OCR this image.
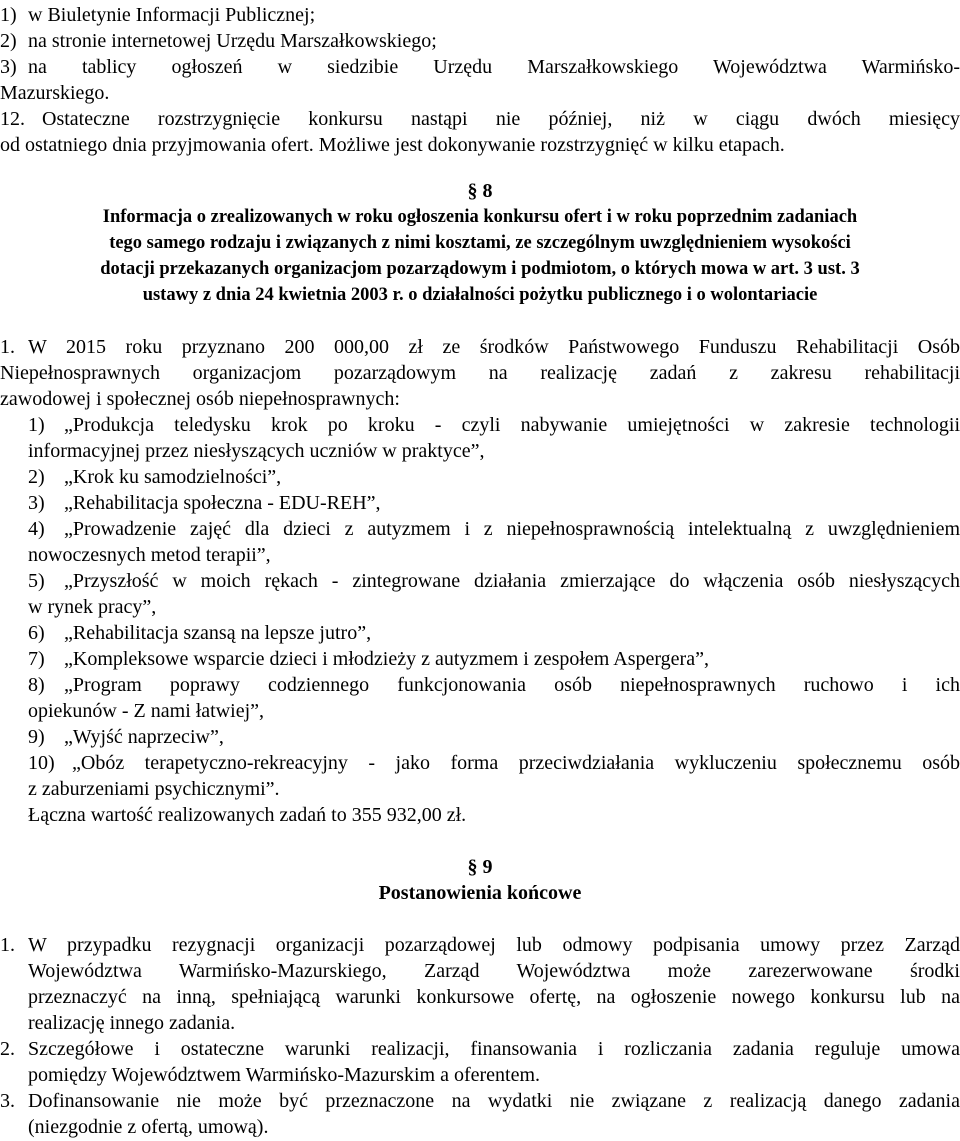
1) w Biuletynie Informacji Publicznej;
2) na stronie internetowej Urzędu Marszałkowskiego;
3) na tablicy ogłoszeń w siedzibie Urzędu Marszałkowskiego Województwa Warmińsko-
Mazurskiego.
12. Ostateczne rozstrzygnięcie konkursu nastąpi nie później, niż w ciągu dwóch miesięcy
od ostatniego dnia przyjmowania ofert. Możliwe jest dokonywanie rozstrzygnięć w kilku etapach.
§ 8
Informacja o zrealizowanych w roku ogłoszenia konkursu ofert i w roku poprzednim zadaniach
tego samego rodzaju i związanych z nimi kosztami, ze szczególnym uwzględnieniem wysokości
dotacji przekazanych organizacjom pozarządowym i podmiotom, o których mowa w art. 3 ust. 3
ustawy z dnia 24 kwietnia 2003 r. o działalności pożytku publicznego i o wolontariacie
1. W 2015 roku przyznano 200 000,00 zł ze środków Państwowego Funduszu Rehabilitacji Osób
Niepełnosprawnych organizacjom pozarządowym na realizację zadań z zakresu rehabilitacji
zawodowej i społecznej osób niepełnosprawnych:
1) „Produkcja teledysku krok po kroku - czyli nabywanie umiejętności w zakresie technologii
informacyjnej przez niesłyszących uczniów w praktyce”,
2) „Krok ku samodzielności”,
3) „Rehabilitacja społeczna - EDU-REH”,
4) „Prowadzenie zajęć dla dzieci z autyzmem i z niepełnosprawnością intelektualną z uwzględnieniem
nowoczesnych metod terapii”,
5) „Przyszłość w moich rękach - zintegrowane działania zmierzające do włączenia osób niesłyszących
w rynek pracy”,
6) „Rehabilitacja szansą na lepsze jutro”,
7) „Kompleksowe wsparcie dzieci i młodzieży z autyzmem i zespołem Aspergera”,
8) „Program poprawy codziennego funkcjonowania osób niepełnosprawnych ruchowo i ich
opiekunów - Z nami łatwiej”,
9) „Wyjść naprzeciw”,
10) „Obóz terapetyczno-rekreacyjny - jako forma przeciwdziałania wykluczeniu społecznemu osób
z zaburzeniami psychicznymi”.
Łączna wartość realizowanych zadań to 355 932,00 zł.
§ 9
Postanowienia końcowe
1. W przypadku rezygnacji organizacji pozarządowej lub odmowy podpisania umowy przez Zarząd
Województwa Warmińsko-Mazurskiego, Zarząd Województwa może zarezerwowane środki
przeznaczyć na inną, spełniającą warunki konkursowe ofertę, na ogłoszenie nowego konkursu lub na
realizację innego zadania.
2. Szczegółowe i ostateczne warunki realizacji, finansowania i rozliczania zadania reguluje umowa
pomiędzy Województwem Warmińsko-Mazurskim a oferentem.
3. Dofinansowanie nie może być przeznaczone na wydatki nie związane z realizacją danego zadania
(niezgodnie z ofertą, umową).
